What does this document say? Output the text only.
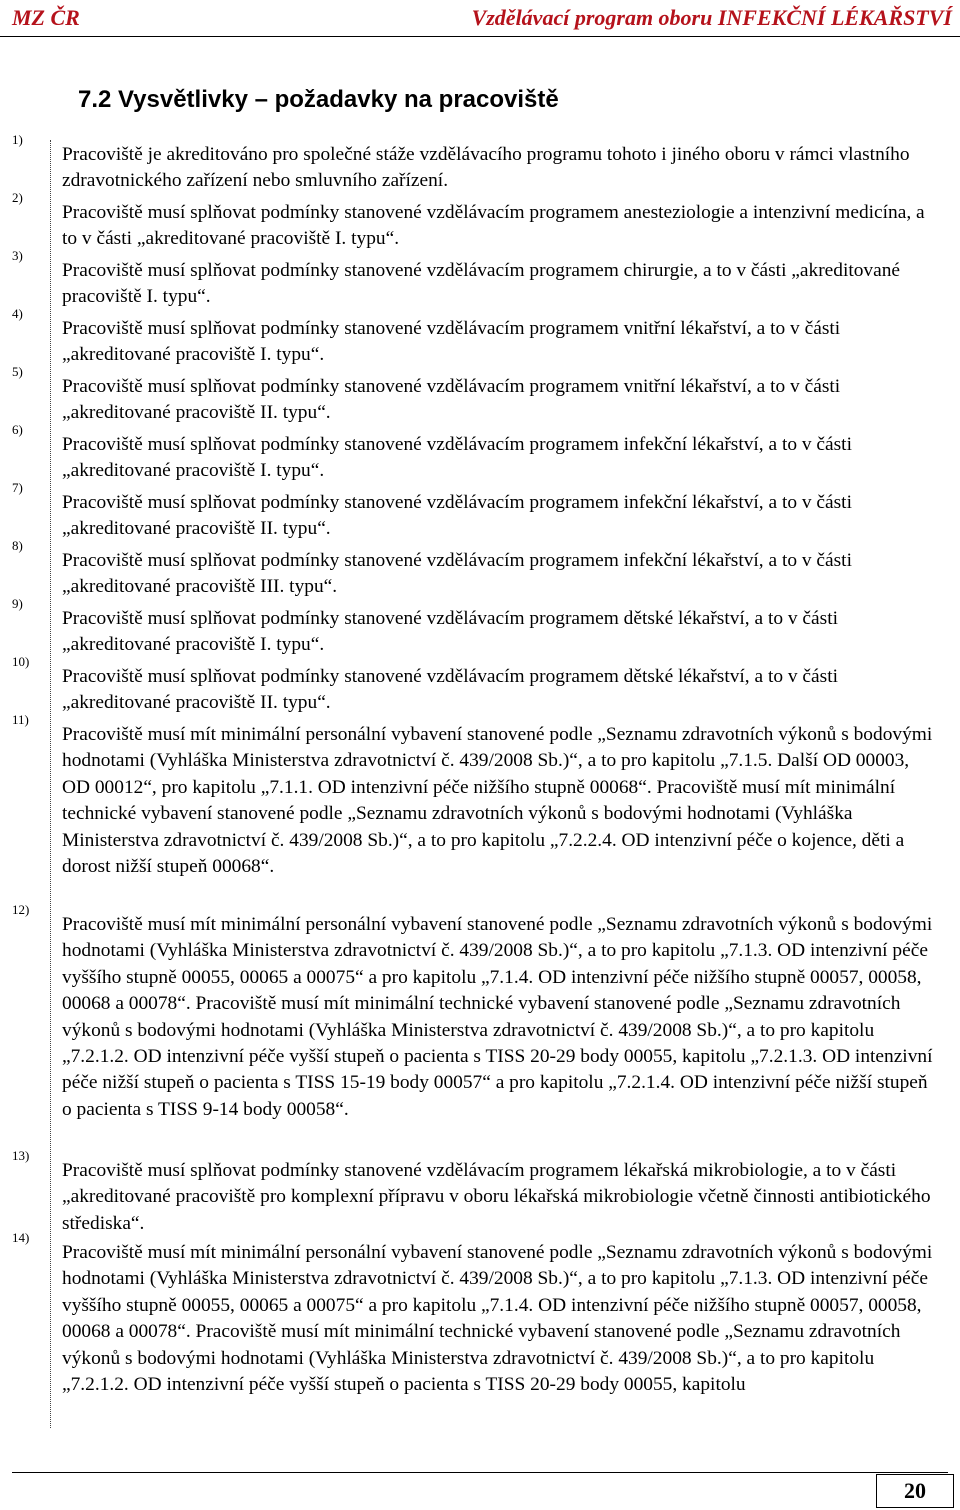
MZ ČR	Vzdělávací program oboru INFEKČNÍ LÉKAŘSTVÍ
7.2 Vysvětlivky – požadavky na pracoviště
1)
Pracoviště je akreditováno pro společné stáže vzdělávacího programu tohoto i jiného oboru v rámci vlastního zdravotnického zařízení nebo smluvního zařízení.
2)
Pracoviště musí splňovat podmínky stanovené vzdělávacím programem anesteziologie a intenzivní medicína, a to v části „akreditované pracoviště I. typu“.
3)
Pracoviště musí splňovat podmínky stanovené vzdělávacím programem chirurgie, a to v části „akreditované pracoviště I. typu“.
4)
Pracoviště musí splňovat podmínky stanovené vzdělávacím programem vnitřní lékařství, a to v části „akreditované pracoviště I. typu“.
5)
Pracoviště musí splňovat podmínky stanovené vzdělávacím programem vnitřní lékařství, a to v části „akreditované pracoviště II. typu“.
6)
Pracoviště musí splňovat podmínky stanovené vzdělávacím programem infekční lékařství, a to v části „akreditované pracoviště I. typu“.
7)
Pracoviště musí splňovat podmínky stanovené vzdělávacím programem infekční lékařství, a to v části „akreditované pracoviště II. typu“.
8)
Pracoviště musí splňovat podmínky stanovené vzdělávacím programem infekční lékařství, a to v části „akreditované pracoviště III. typu“.
9)
Pracoviště musí splňovat podmínky stanovené vzdělávacím programem dětské lékařství, a to v části „akreditované pracoviště I. typu“.
10)
Pracoviště musí splňovat podmínky stanovené vzdělávacím programem dětské lékařství, a to v části „akreditované pracoviště II. typu“.
11)
Pracoviště musí mít minimální personální vybavení stanovené podle „Seznamu zdravotních výkonů s bodovými hodnotami (Vyhláška Ministerstva zdravotnictví č. 439/2008 Sb.)“, a to pro kapitolu „7.1.5. Další OD 00003, OD 00012“, pro kapitolu „7.1.1. OD intenzivní péče nižšího stupně 00068“. Pracoviště musí mít minimální technické vybavení stanovené podle „Seznamu zdravotních výkonů s bodovými hodnotami (Vyhláška Ministerstva zdravotnictví č. 439/2008 Sb.)“, a to pro kapitolu „7.2.2.4. OD intenzivní péče o kojence, děti a dorost nižší stupeň 00068“.
12)
Pracoviště musí mít minimální personální vybavení stanovené podle „Seznamu zdravotních výkonů s bodovými hodnotami (Vyhláška Ministerstva zdravotnictví č. 439/2008 Sb.)“, a to pro kapitolu „7.1.3. OD intenzivní péče vyššího stupně 00055, 00065 a 00075“ a pro kapitolu „7.1.4. OD intenzivní péče nižšího stupně 00057, 00058, 00068 a 00078“. Pracoviště musí mít minimální technické vybavení stanovené podle „Seznamu zdravotních výkonů s bodovými hodnotami (Vyhláška Ministerstva zdravotnictví č. 439/2008 Sb.)“, a to pro kapitolu „7.2.1.2. OD intenzivní péče vyšší stupeň o pacienta s TISS 20-29 body 00055, kapitolu „7.2.1.3. OD intenzivní péče nižší stupeň o pacienta s TISS 15-19 body 00057“ a pro kapitolu „7.2.1.4. OD intenzivní péče nižší stupeň o pacienta s TISS 9-14 body 00058“.
13)
Pracoviště musí splňovat podmínky stanovené vzdělávacím programem lékařská mikrobiologie, a to v části „akreditované pracoviště pro komplexní přípravu v oboru lékařská mikrobiologie včetně činnosti antibiotického střediska“.
14)
Pracoviště musí mít minimální personální vybavení stanovené podle „Seznamu zdravotních výkonů s bodovými hodnotami (Vyhláška Ministerstva zdravotnictví č. 439/2008 Sb.)“, a to pro kapitolu „7.1.3. OD intenzivní péče vyššího stupně 00055, 00065 a 00075“ a pro kapitolu „7.1.4. OD intenzivní péče nižšího stupně 00057, 00058, 00068 a 00078“. Pracoviště musí mít minimální technické vybavení stanovené podle „Seznamu zdravotních výkonů s bodovými hodnotami (Vyhláška Ministerstva zdravotnictví č. 439/2008 Sb.)“, a to pro kapitolu „7.2.1.2. OD intenzivní péče vyšší stupeň o pacienta s TISS 20-29 body 00055, kapitolu
20
